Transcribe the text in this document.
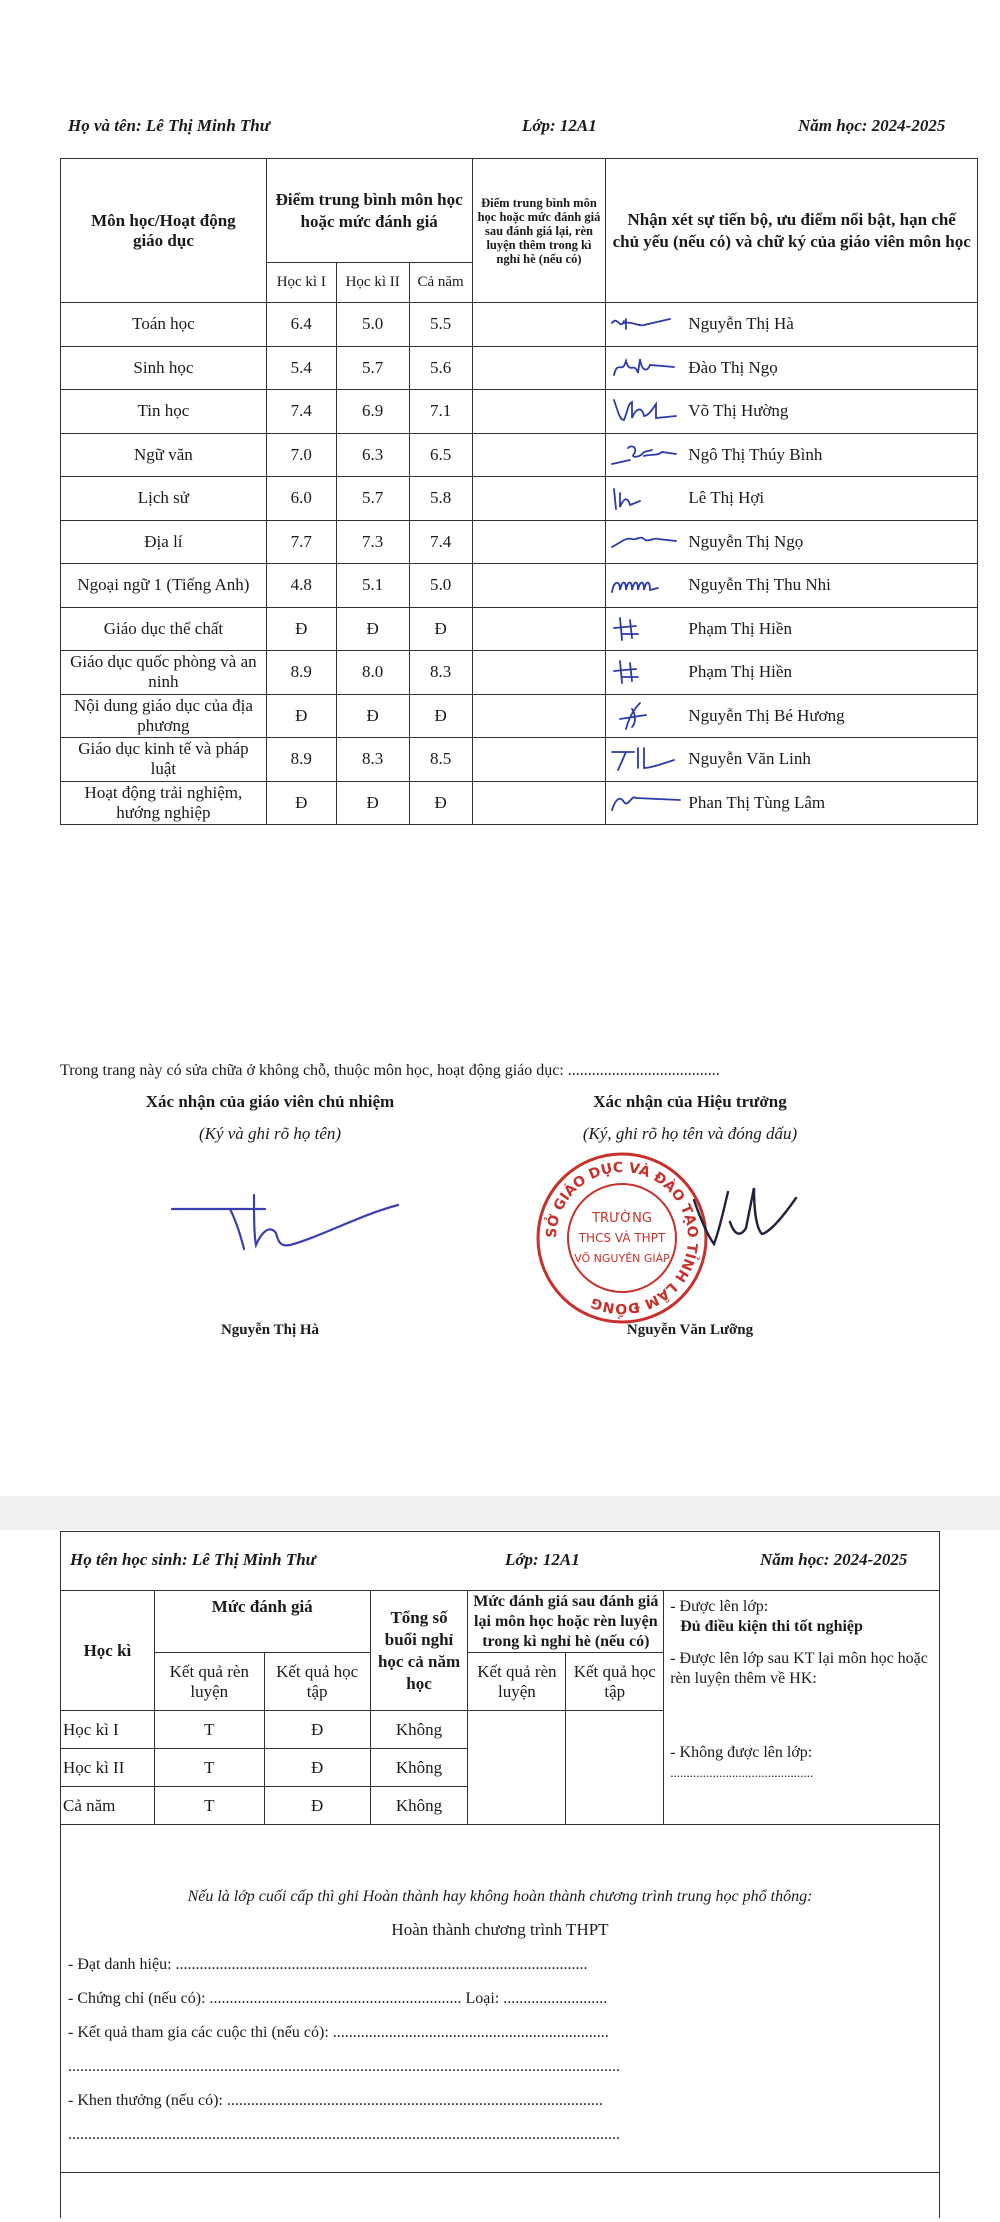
Họ và tên: Lê Thị Minh Thư	Lớp: 12A1	Năm học: 2024-2025
Môn học/Hoạt động giáo dục	Điểm trung bình môn học hoặc mức đánh giá			Điểm trung bình môn học hoặc mức đánh giá sau đánh giá lại, rèn luyện thêm trong kì nghỉ hè (nếu có)	Nhận xét sự tiến bộ, ưu điểm nổi bật, hạn chế chủ yếu (nếu có) và chữ ký của giáo viên môn học
	Học kì I	Học kì II	Cả năm		
Toán học	6.4	5.0	5.5		Nguyễn Thị Hà

Sinh học	5.4	5.7	5.6		Đào Thị Ngọ

Tin học	7.4	6.9	7.1		Võ Thị Hường

Ngữ văn	7.0	6.3	6.5		Ngô Thị Thúy Bình

Lịch sử	6.0	5.7	5.8		Lê Thị Hợi

Địa lí	7.7	7.3	7.4		Nguyễn Thị Ngọ

Ngoại ngữ 1 (Tiếng Anh)	4.8	5.1	5.0		Nguyễn Thị Thu Nhi

Giáo dục thể chất	Đ	Đ	Đ		Phạm Thị Hiền

Giáo dục quốc phòng và an ninh	8.9	8.0	8.3		Phạm Thị Hiền

Nội dung giáo dục của địa phương	Đ	Đ	Đ		Nguyễn Thị Bé Hương

Giáo dục kinh tế và pháp luật	8.9	8.3	8.5		Nguyễn Văn Linh

Hoạt động trải nghiệm, hướng nghiệp	Đ	Đ	Đ		Phan Thị Tùng Lâm
Trong trang này có sửa chữa ở không chỗ, thuộc môn học, hoạt động giáo dục: ......................................
Xác nhận của giáo viên chủ nhiệm
(Ký và ghi rõ họ tên)
Nguyễn Thị Hà
Xác nhận của Hiệu trưởng
(Ký, ghi rõ họ tên và đóng dấu)
SỞ GIÁO DỤC VÀ ĐÀO TẠO TỈNH LÂM ĐỒNG
TRƯỜNG
THCS VÀ THPT
VÕ NGUYÊN GIÁP
Nguyễn Văn Lưỡng
Họ tên học sinh: Lê Thị Minh Thư	Lớp: 12A1	Năm học: 2024-2025
Học kì	Mức đánh giá		Tổng số buổi nghỉ học cả năm học	Mức đánh giá sau đánh giá lại môn học hoặc rèn luyện trong kì nghỉ hè (nếu có)		- Được lên lớp:
Đủ điều kiện thi tốt nghiệp
- Được lên lớp sau KT lại môn học hoặc rèn luyện thêm về HK:
- Không được lên lớp:
............................................

	Kết quả rèn luyện	Kết quả học tập		Kết quả rèn luyện	Kết quả học tập	
Học kì I	T	Đ	Không			
Học kì II	T	Đ	Không			
Cả năm	T	Đ	Không			
Nếu là lớp cuối cấp thì ghi Hoàn thành hay không hoàn thành chương trình trung học phổ thông:
Hoàn thành chương trình THPT
- Đạt danh hiệu: .......................................................................................................
- Chứng chỉ (nếu có): ............................................................... Loại: ..........................
- Kết quả tham gia các cuộc thi (nếu có): .....................................................................
..........................................................................................................................................
- Khen thưởng (nếu có): ..............................................................................................
..........................................................................................................................................
